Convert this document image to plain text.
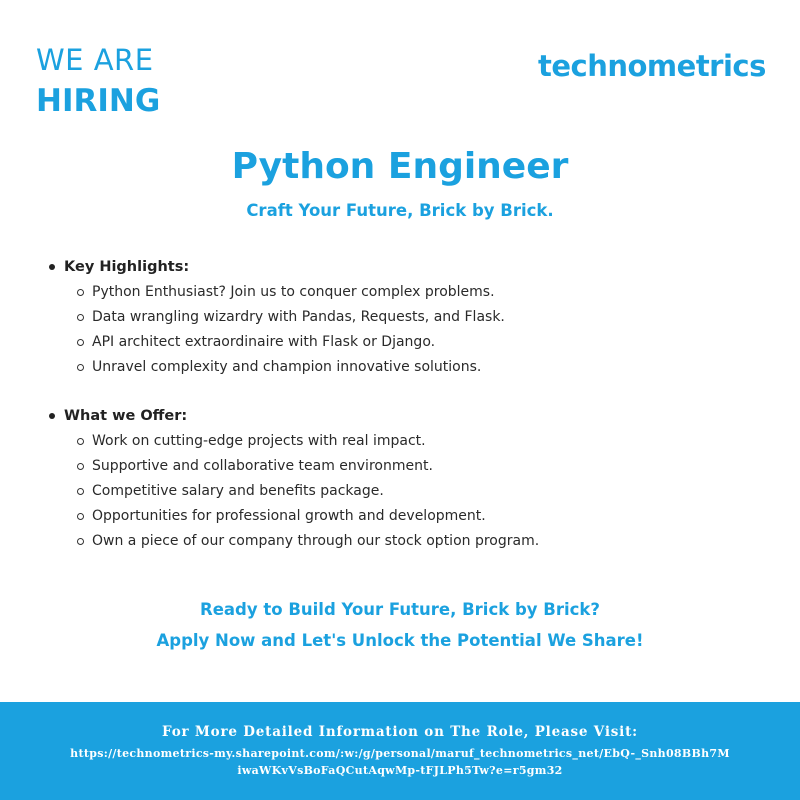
WE ARE
HIRING
technometrics
Python Engineer
Craft Your Future, Brick by Brick.
Key Highlights:
Python Enthusiast? Join us to conquer complex problems.
Data wrangling wizardry with Pandas, Requests, and Flask.
API architect extraordinaire with Flask or Django.
Unravel complexity and champion innovative solutions.
What we Offer:
Work on cutting-edge projects with real impact.
Supportive and collaborative team environment.
Competitive salary and benefits package.
Opportunities for professional growth and development.
Own a piece of our company through our stock option program.
Ready to Build Your Future, Brick by Brick?
Apply Now and Let's Unlock the Potential We Share!
For More Detailed Information on The Role, Please Visit:
https://technometrics-my.sharepoint.com/:w:/g/personal/maruf_technometrics_net/EbQ-_Snh08BBh7MiwaWKvVsBoFaQCutAqwMp-tFJLPh5Tw?e=r5gm32
